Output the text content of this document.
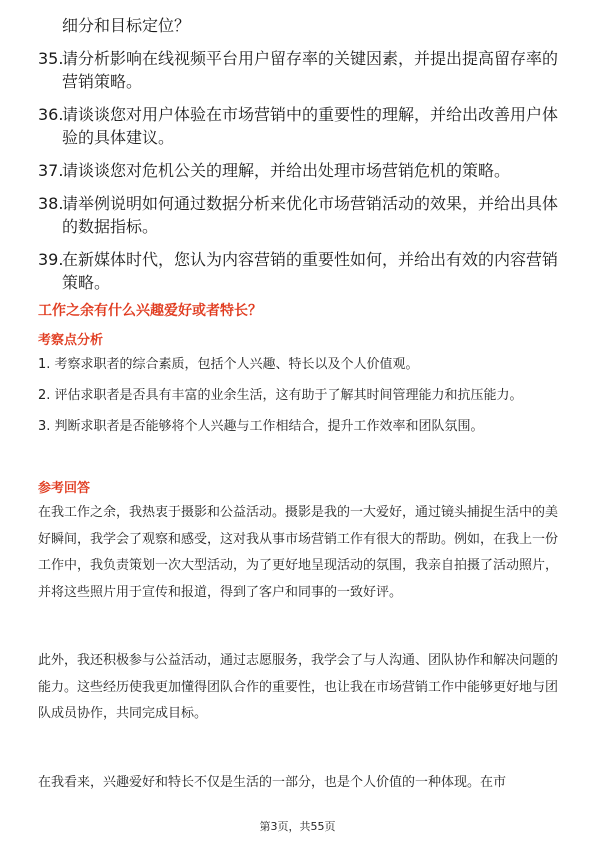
细分和目标定位？
35.
请分析影响在线视频平台用户留存率的关键因素，并提出提高留存率的营销策略。
36.
请谈谈您对用户体验在市场营销中的重要性的理解，并给出改善用户体验的具体建议。
37.
请谈谈您对危机公关的理解，并给出处理市场营销危机的策略。
38.
请举例说明如何通过数据分析来优化市场营销活动的效果，并给出具体的数据指标。
39.
在新媒体时代，您认为内容营销的重要性如何，并给出有效的内容营销策略。
工作之余有什么兴趣爱好或者特长？
考察点分析

1. 考察求职者的综合素质，包括个人兴趣、特长以及个人价值观。

2. 评估求职者是否具有丰富的业余生活，这有助于了解其时间管理能力和抗压能力。

3. 判断求职者是否能够将个人兴趣与工作相结合，提升工作效率和团队氛围。

参考回答

在我工作之余，我热衷于摄影和公益活动。摄影是我的一大爱好，通过镜头捕捉生活中的美好瞬间，我学会了观察和感受，这对我从事市场营销工作有很大的帮助。例如，在我上一份工作中，我负责策划一次大型活动，为了更好地呈现活动的氛围，我亲自拍摄了活动照片，并将这些照片用于宣传和报道，得到了客户和同事的一致好评。

此外，我还积极参与公益活动，通过志愿服务，我学会了与人沟通、团队协作和解决问题的能力。这些经历使我更加懂得团队合作的重要性，也让我在市场营销工作中能够更好地与团队成员协作，共同完成目标。

在我看来，兴趣爱好和特长不仅是生活的一部分，也是个人价值的一种体现。在市

第3页，共55页
